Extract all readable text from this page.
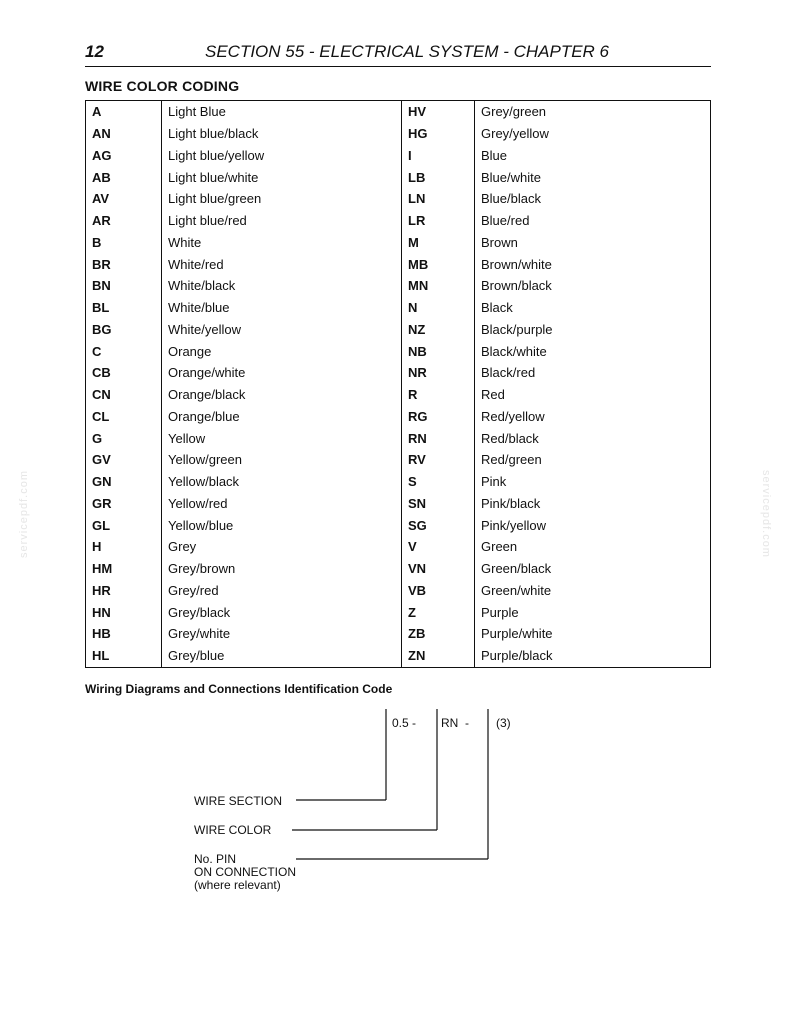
12	SECTION 55 - ELECTRICAL SYSTEM - CHAPTER 6
WIRE COLOR CODING
A	Light Blue	HV	Grey/green
AN	Light blue/black	HG	Grey/yellow
AG	Light blue/yellow	I	Blue
AB	Light blue/white	LB	Blue/white
AV	Light blue/green	LN	Blue/black
AR	Light blue/red	LR	Blue/red
B	White	M	Brown
BR	White/red	MB	Brown/white
BN	White/black	MN	Brown/black
BL	White/blue	N	Black
BG	White/yellow	NZ	Black/purple
C	Orange	NB	Black/white
CB	Orange/white	NR	Black/red
CN	Orange/black	R	Red
CL	Orange/blue	RG	Red/yellow
G	Yellow	RN	Red/black
GV	Yellow/green	RV	Red/green
GN	Yellow/black	S	Pink
GR	Yellow/red	SN	Pink/black
GL	Yellow/blue	SG	Pink/yellow
H	Grey	V	Green
HM	Grey/brown	VN	Green/black
HR	Grey/red	VB	Green/white
HN	Grey/black	Z	Purple
HB	Grey/white	ZB	Purple/white
HL	Grey/blue	ZN	Purple/black
Wiring Diagrams and Connections Identification Code
0.5 - RN  - (3)
WIRE SECTION
WIRE COLOR
No. PIN
ON CONNECTION
(where relevant)
servicepdf.com	servicepdf.com
